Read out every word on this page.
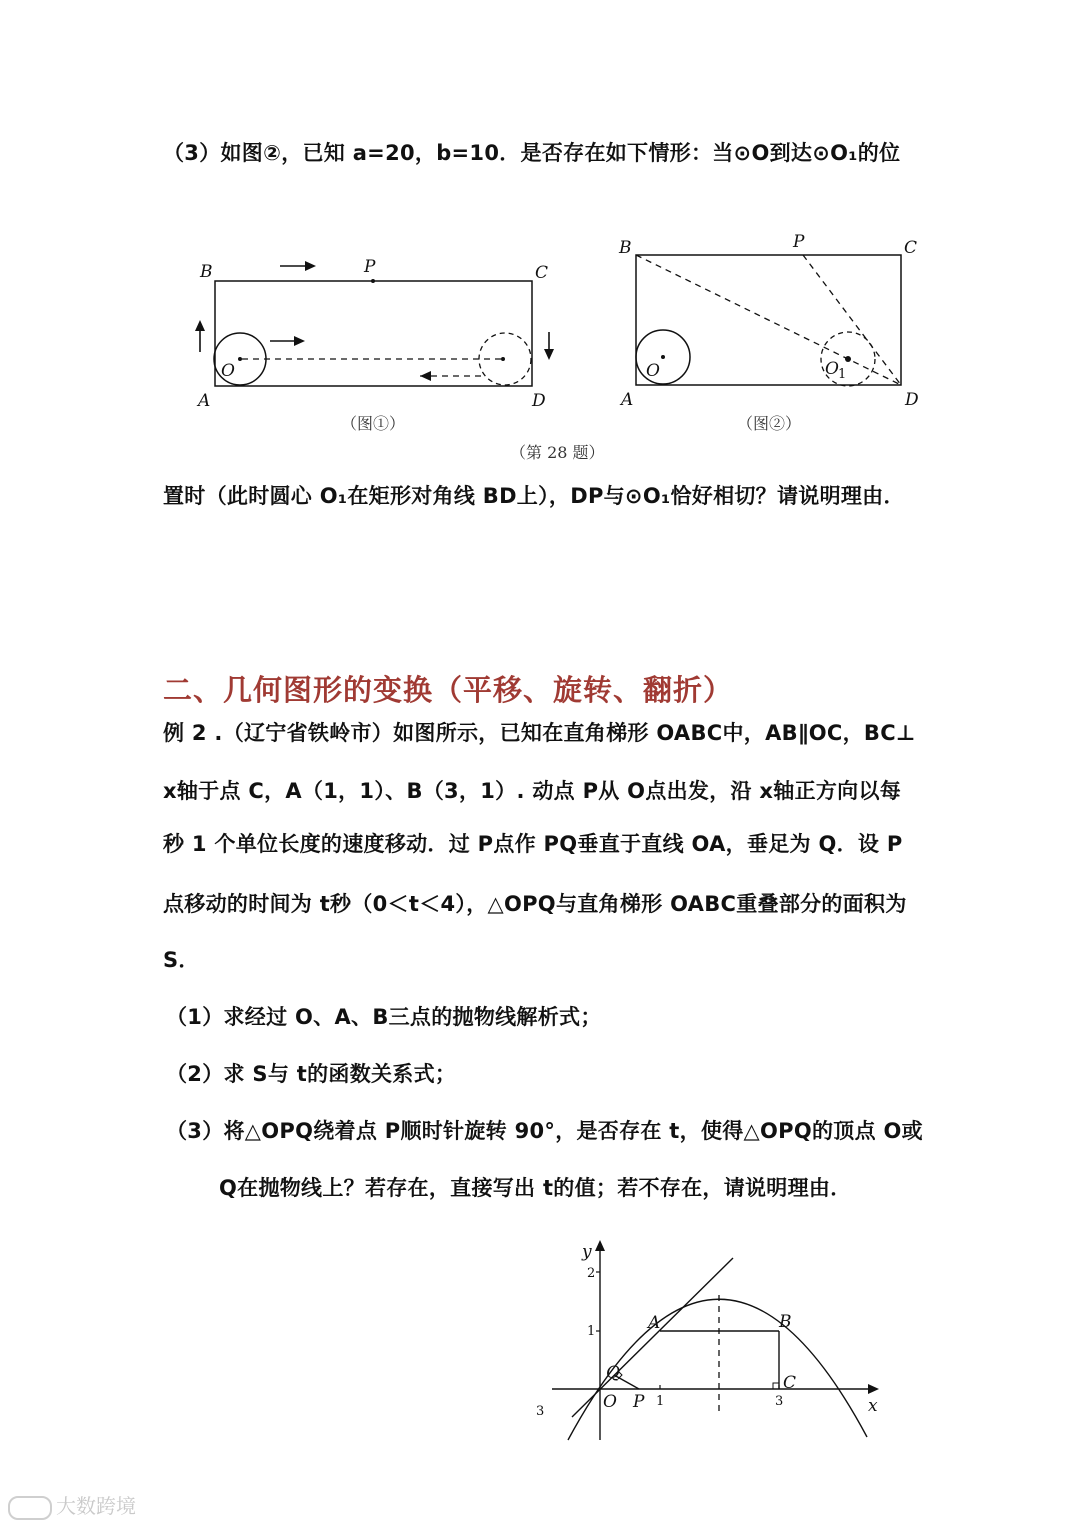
（3）如图②，已知 a=20，b=10．是否存在如下情形：当⊙O到达⊙O₁的位
B	P	C
O
A	D
（图①）
B	P	C
O	O 1
A	D
（图②）
（第 28 题）
置时（此时圆心 O₁在矩形对角线 BD上），DP与⊙O₁恰好相切？请说明理由．
二、几何图形的变换（平移、旋转、翻折）
例 2 .（辽宁省铁岭市）如图所示，已知在直角梯形 OABC中，AB∥OC，BC⊥
x轴于点 C，A（1，1）、B（3，1）. 动点 P从 O点出发，沿 x轴正方向以每
秒 1 个单位长度的速度移动．过 P点作 PQ垂直于直线 OA，垂足为 Q．设 P
点移动的时间为 t秒（0＜t＜4），△OPQ与直角梯形 OABC重叠部分的面积为
S．
（1）求经过 O、A、B三点的抛物线解析式；
（2）求 S与 t的函数关系式；
（3）将△OPQ绕着点 P顺时针旋转 90°，是否存在 t，使得△OPQ的顶点 O或
Q在抛物线上？若存在，直接写出 t的值；若不存在，请说明理由．
y
x
2
1
1	3
3
A	B
C
O P
Q
大数跨境
